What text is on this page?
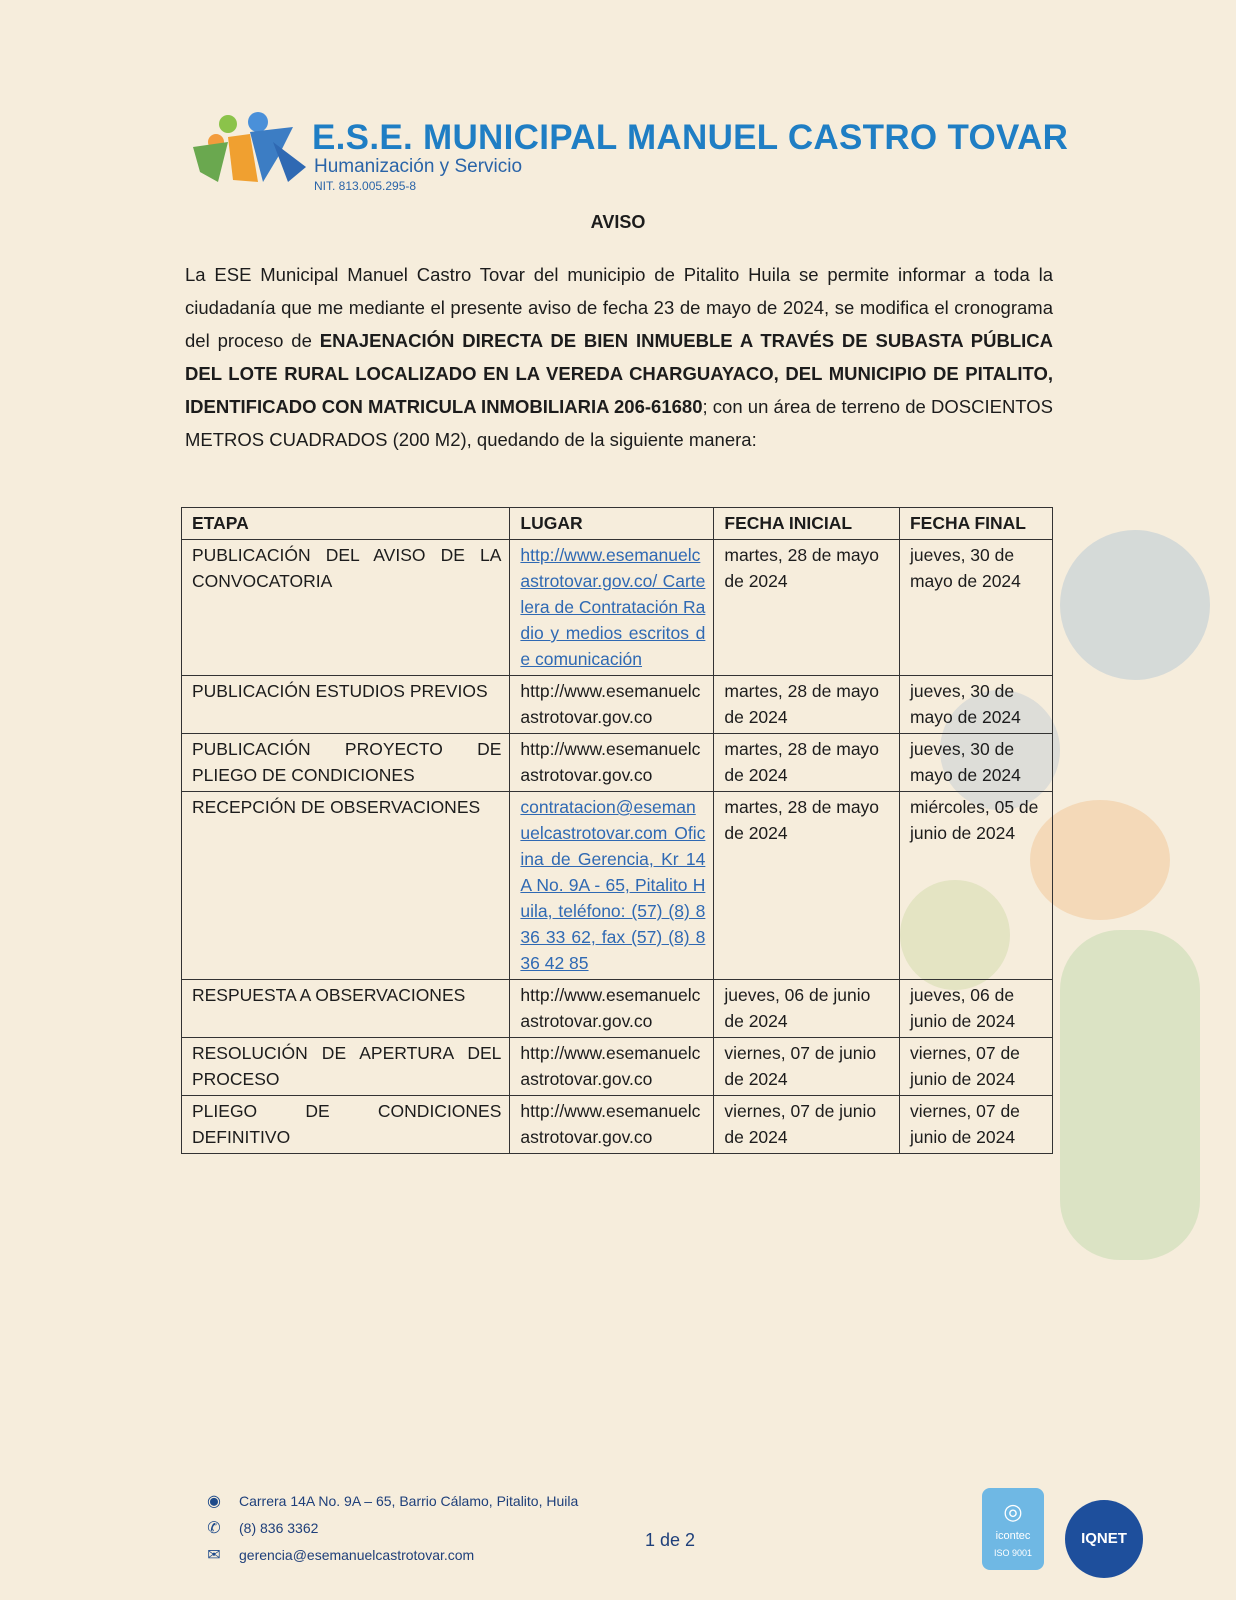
E.S.E. MUNICIPAL MANUEL CASTRO TOVAR
Humanización y Servicio
NIT. 813.005.295-8
AVISO
La ESE Municipal Manuel Castro Tovar del municipio de Pitalito Huila se permite informar a toda la ciudadanía que me mediante el presente aviso de fecha 23 de mayo de 2024, se modifica el cronograma del proceso de ENAJENACIÓN DIRECTA DE BIEN INMUEBLE A TRAVÉS DE SUBASTA PÚBLICA DEL LOTE RURAL LOCALIZADO EN LA VEREDA CHARGUAYACO, DEL MUNICIPIO DE PITALITO, IDENTIFICADO CON MATRICULA INMOBILIARIA 206-61680; con un área de terreno de DOSCIENTOS METROS CUADRADOS (200 M2), quedando de la siguiente manera:
ETAPA	LUGAR	FECHA INICIAL	FECHA FINAL
PUBLICACIÓN DEL AVISO DE LA CONVOCATORIA	http://www.esemanuelcastrotovar.gov.co/ Cartelera de Contratación Radio y medios escritos de comunicación	martes, 28 de mayo de 2024	jueves, 30 de mayo de 2024
PUBLICACIÓN ESTUDIOS PREVIOS	http://www.esemanuelcastrotovar.gov.co	martes, 28 de mayo de 2024	jueves, 30 de mayo de 2024
PUBLICACIÓN PROYECTO DE PLIEGO DE CONDICIONES	http://www.esemanuelcastrotovar.gov.co	martes, 28 de mayo de 2024	jueves, 30 de mayo de 2024
RECEPCIÓN DE OBSERVACIONES	contratacion@esemanuelcastrotovar.com Oficina de Gerencia, Kr 14A No. 9A - 65, Pitalito Huila, teléfono: (57) (8) 836 33 62, fax (57) (8) 836 42 85	martes, 28 de mayo de 2024	miércoles, 05 de junio de 2024
RESPUESTA A OBSERVACIONES	http://www.esemanuelcastrotovar.gov.co	jueves, 06 de junio de 2024	jueves, 06 de junio de 2024
RESOLUCIÓN DE APERTURA DEL PROCESO	http://www.esemanuelcastrotovar.gov.co	viernes, 07 de junio de 2024	viernes, 07 de junio de 2024
PLIEGO DE CONDICIONES DEFINITIVO	http://www.esemanuelcastrotovar.gov.co	viernes, 07 de junio de 2024	viernes, 07 de junio de 2024
◉ Carrera 14A No. 9A – 65, Barrio Cálamo, Pitalito, Huila
✆ (8) 836 3362
✉ gerencia@esemanuelcastrotovar.com
1 de 2
◎
icontec
ISO 9001
IQNET
